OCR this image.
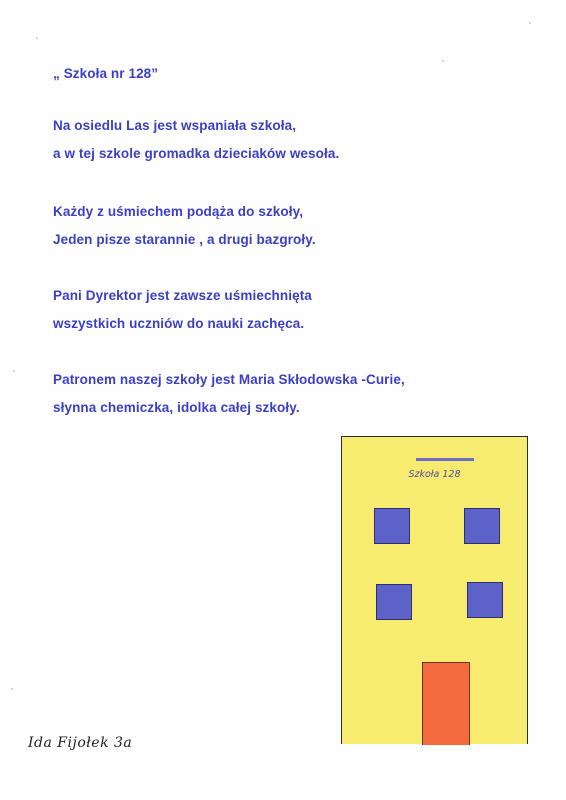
„ Szkoła nr 128”

Na osiedlu Las jest wspaniała szkoła,

a w tej szkole gromadka dzieciaków wesoła.

Każdy z uśmiechem podąża do szkoły,

Jeden pisze starannie , a drugi bazgroły.

Pani Dyrektor jest zawsze uśmiechnięta

wszystkich uczniów do nauki zachęca.

Patronem naszej szkoły jest Maria Skłodowska -Curie,

słynna chemiczka, idolka całej szkoły.

Szkoła 128
Ida Fijołek 3a
